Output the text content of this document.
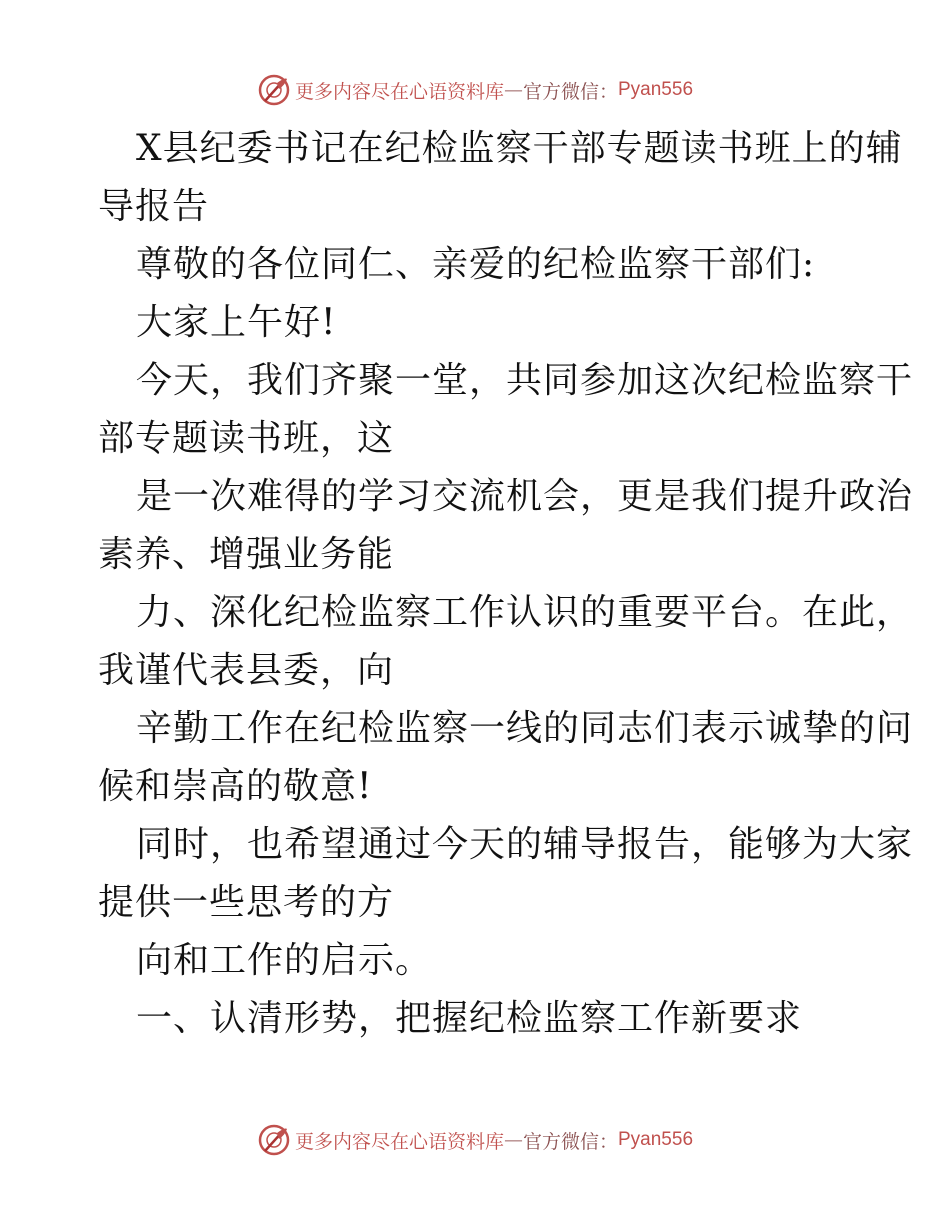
更多内容尽在心语资料库 — 官方微信： Pyan556
X县纪委书记在纪检监察干部专题读书班上的辅
导报告
尊敬的各位同仁、亲爱的纪检监察干部们:
大家上午好!
今天，我们齐聚一堂，共同参加这次纪检监察干
部专题读书班，这
是一次难得的学习交流机会，更是我们提升政治
素养、增强业务能
力、深化纪检监察工作认识的重要平台。在此，
我谨代表县委，向
辛勤工作在纪检监察一线的同志们表示诚挚的问
候和崇高的敬意!
同时，也希望通过今天的辅导报告，能够为大家
提供一些思考的方
向和工作的启示。
一、认清形势，把握纪检监察工作新要求
更多内容尽在心语资料库 — 官方微信： Pyan556
